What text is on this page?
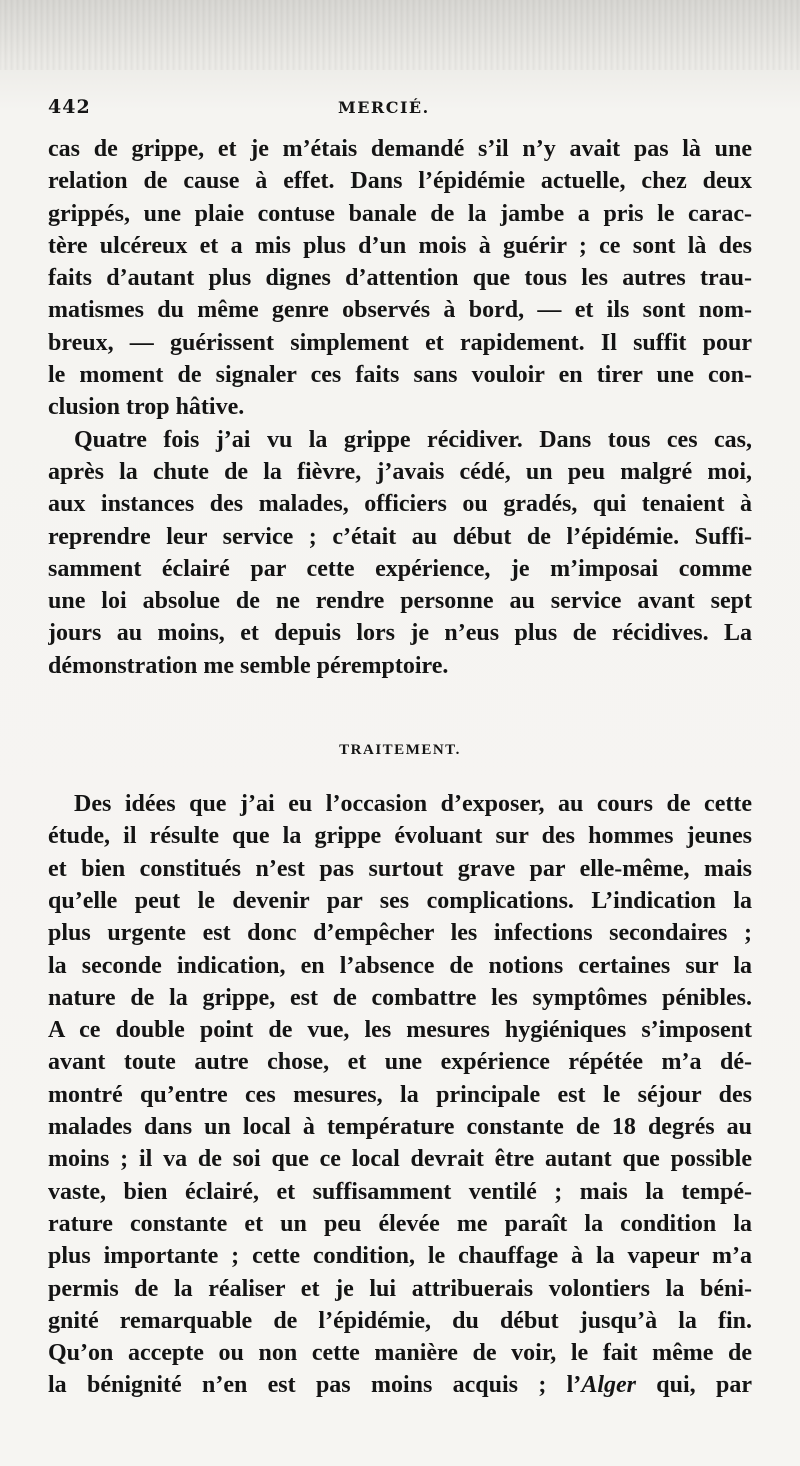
442	MERCIÉ.
cas de grippe, et je m’étais demandé s’il n’y avait pas là une
relation de cause à effet. Dans l’épidémie actuelle, chez deux
grippés, une plaie contuse banale de la jambe a pris le carac-
tère ulcéreux et a mis plus d’un mois à guérir ; ce sont là des
faits d’autant plus dignes d’attention que tous les autres trau-
matismes du même genre observés à bord, — et ils sont nom-
breux, — guérissent simplement et rapidement. Il suffit pour
le moment de signaler ces faits sans vouloir en tirer une con-
clusion trop hâtive.
Quatre fois j’ai vu la grippe récidiver. Dans tous ces cas,
après la chute de la fièvre, j’avais cédé, un peu malgré moi,
aux instances des malades, officiers ou gradés, qui tenaient à
reprendre leur service ; c’était au début de l’épidémie. Suffi-
samment éclairé par cette expérience, je m’imposai comme
une loi absolue de ne rendre personne au service avant sept
jours au moins, et depuis lors je n’eus plus de récidives. La
démonstration me semble péremptoire.
TRAITEMENT.
Des idées que j’ai eu l’occasion d’exposer, au cours de cette
étude, il résulte que la grippe évoluant sur des hommes jeunes
et bien constitués n’est pas surtout grave par elle-même, mais
qu’elle peut le devenir par ses complications. L’indication la
plus urgente est donc d’empêcher les infections secondaires ;
la seconde indication, en l’absence de notions certaines sur la
nature de la grippe, est de combattre les symptômes pénibles.
A ce double point de vue, les mesures hygiéniques s’imposent
avant toute autre chose, et une expérience répétée m’a dé-
montré qu’entre ces mesures, la principale est le séjour des
malades dans un local à température constante de 18 degrés au
moins ; il va de soi que ce local devrait être autant que possible
vaste, bien éclairé, et suffisamment ventilé ; mais la tempé-
rature constante et un peu élevée me paraît la condition la
plus importante ; cette condition, le chauffage à la vapeur m’a
permis de la réaliser et je lui attribuerais volontiers la béni-
gnité remarquable de l’épidémie, du début jusqu’à la fin.
Qu’on accepte ou non cette manière de voir, le fait même de
la bénignité n’en est pas moins acquis ; l’Alger qui, par
